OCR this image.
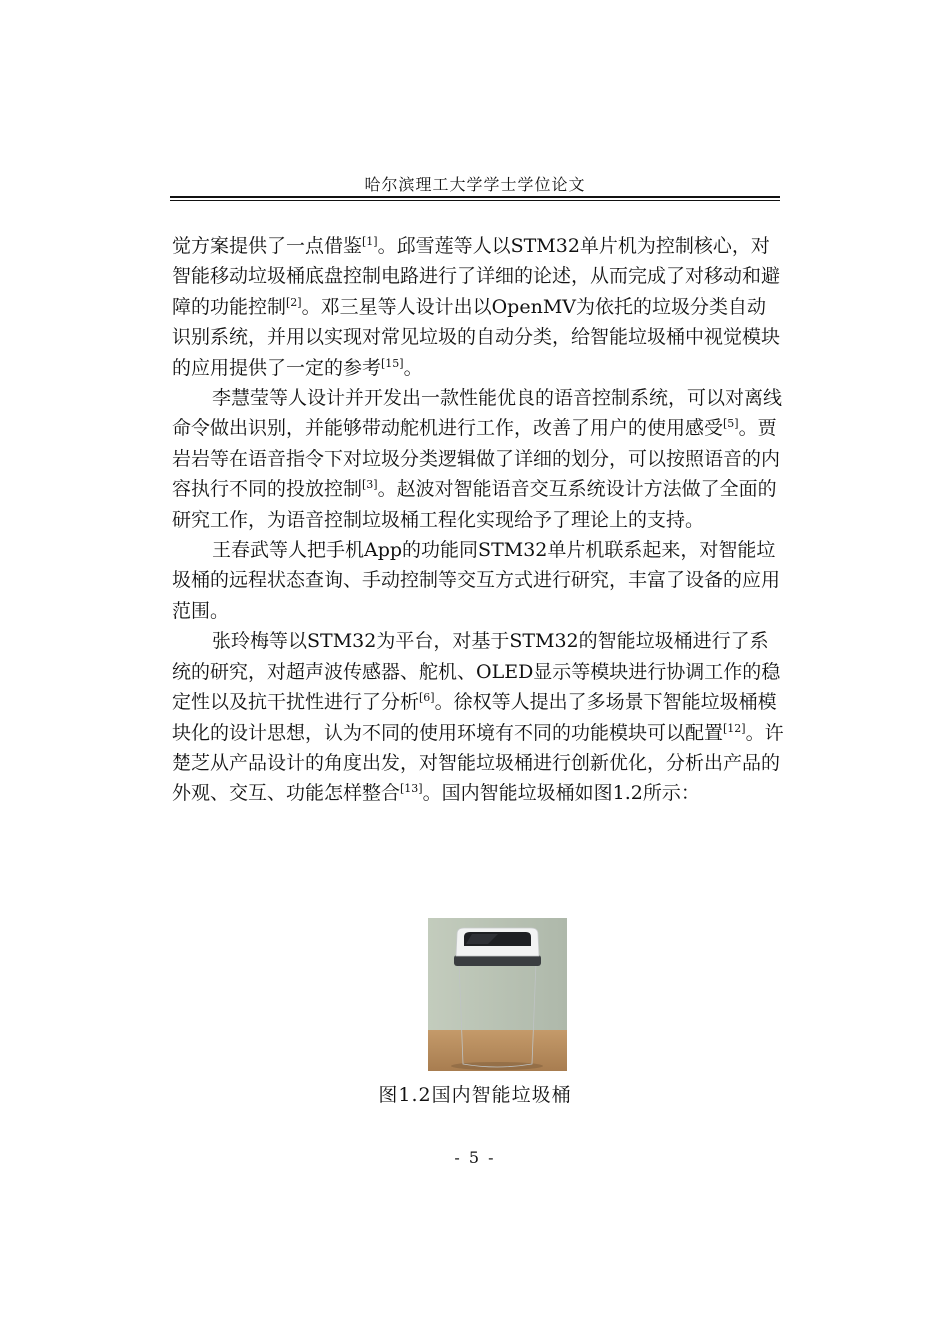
哈尔滨理工大学学士学位论文

觉方案提供了一点借鉴[1]。邱雪莲等人以STM32单片机为控制核心，对智能移动垃圾桶底盘控制电路进行了详细的论述，从而完成了对移动和避障的功能控制[2]。邓三星等人设计出以OpenMV为依托的垃圾分类自动识别系统，并用以实现对常见垃圾的自动分类，给智能垃圾桶中视觉模块的应用提供了一定的参考[15]。

李慧莹等人设计并开发出一款性能优良的语音控制系统，可以对离线命令做出识别，并能够带动舵机进行工作，改善了用户的使用感受[5]。贾岩岩等在语音指令下对垃圾分类逻辑做了详细的划分，可以按照语音的内容执行不同的投放控制[3]。赵波对智能语音交互系统设计方法做了全面的研究工作，为语音控制垃圾桶工程化实现给予了理论上的支持。

王春武等人把手机App的功能同STM32单片机联系起来，对智能垃圾桶的远程状态查询、手动控制等交互方式进行研究，丰富了设备的应用范围。

张玲梅等以STM32为平台，对基于STM32的智能垃圾桶进行了系统的研究，对超声波传感器、舵机、OLED显示等模块进行协调工作的稳定性以及抗干扰性进行了分析[6]。徐权等人提出了多场景下智能垃圾桶模块化的设计思想，认为不同的使用环境有不同的功能模块可以配置[12]。许楚芝从产品设计的角度出发，对智能垃圾桶进行创新优化，分析出产品的外观、交互、功能怎样整合[13]。国内智能垃圾桶如图1.2所示：

图1.2国内智能垃圾桶
- 5 -
